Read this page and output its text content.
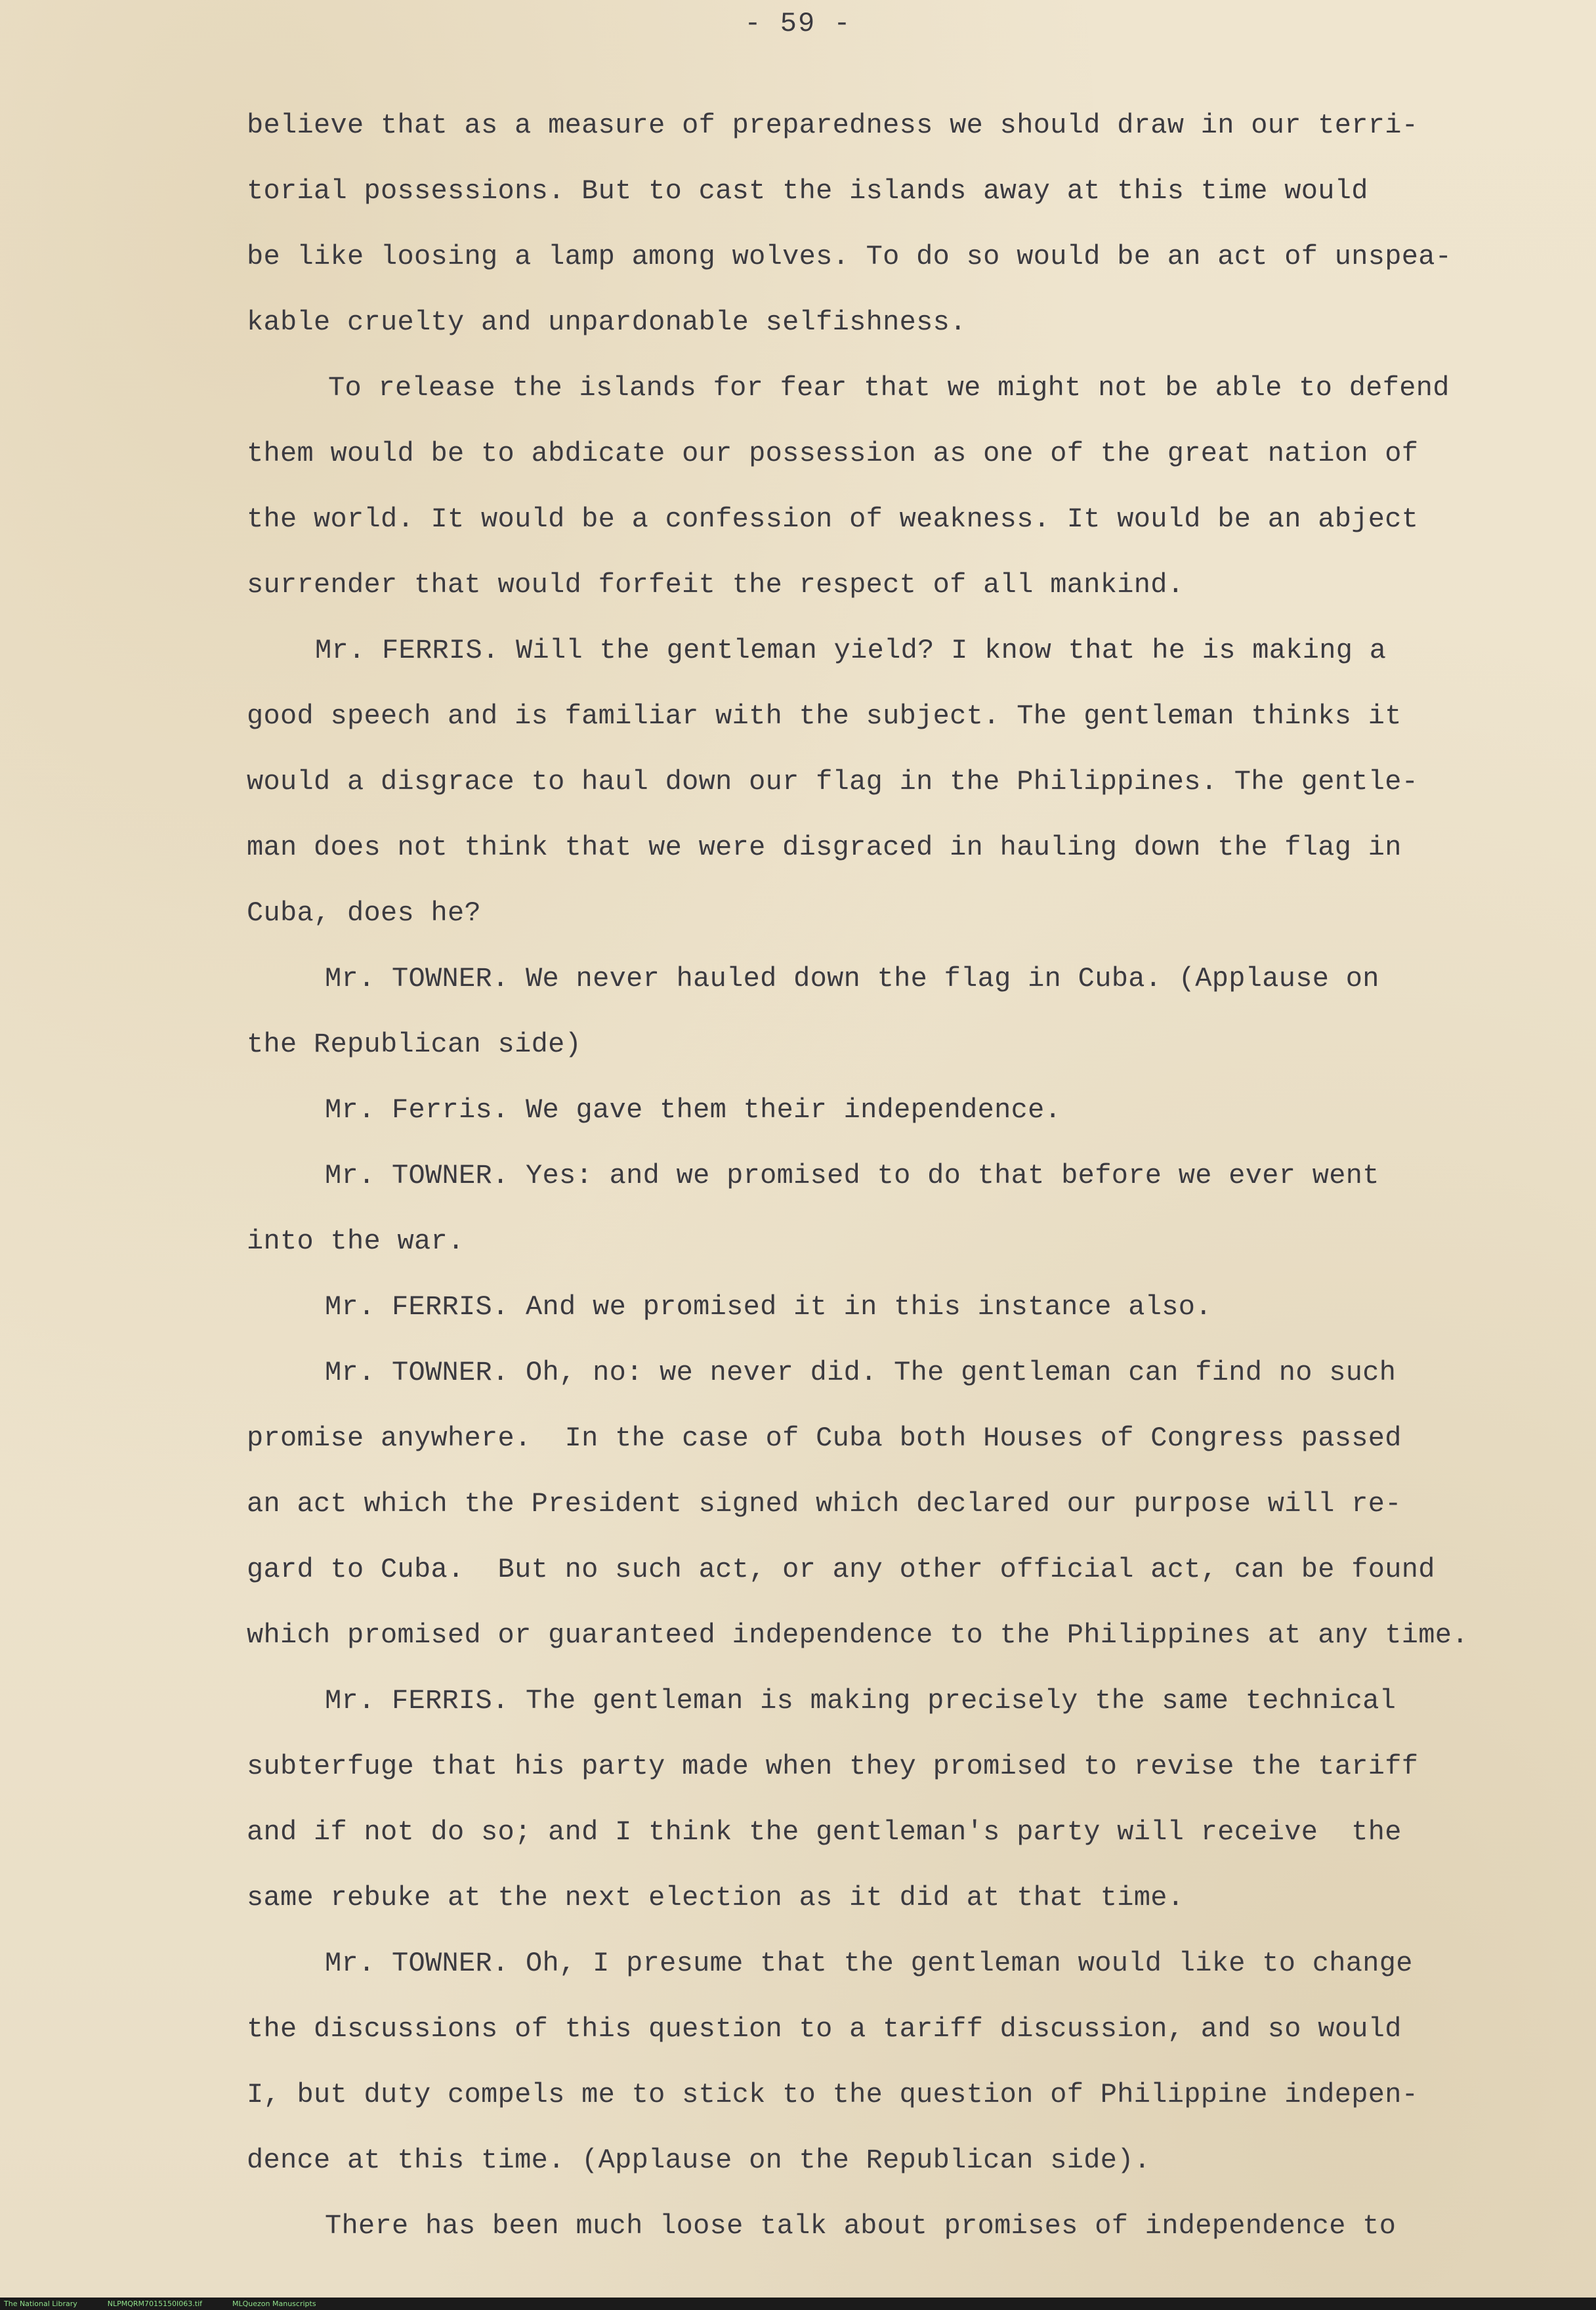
- 59 -
believe that as a measure of preparedness we should draw in our terri-
torial possessions. But to cast the islands away at this time would
be like loosing a lamp among wolves. To do so would be an act of unspea-
kable cruelty and unpardonable selfishness.
To release the islands for fear that we might not be able to defend
them would be to abdicate our possession as one of the great nation of
the world. It would be a confession of weakness. It would be an abject
surrender that would forfeit the respect of all mankind.
Mr. FERRIS. Will the gentleman yield? I know that he is making a
good speech and is familiar with the subject. The gentleman thinks it
would a disgrace to haul down our flag in the Philippines. The gentle-
man does not think that we were disgraced in hauling down the flag in
Cuba, does he?
Mr. TOWNER. We never hauled down the flag in Cuba. (Applause on
the Republican side)
Mr. Ferris. We gave them their independence.
Mr. TOWNER. Yes: and we promised to do that before we ever went
into the war.
Mr. FERRIS. And we promised it in this instance also.
Mr. TOWNER. Oh, no: we never did. The gentleman can find no such
promise anywhere.  In the case of Cuba both Houses of Congress passed
an act which the President signed which declared our purpose will re-
gard to Cuba.  But no such act, or any other official act, can be found
which promised or guaranteed independence to the Philippines at any time.
Mr. FERRIS. The gentleman is making precisely the same technical
subterfuge that his party made when they promised to revise the tariff
and if not do so; and I think the gentleman's party will receive  the
same rebuke at the next election as it did at that time.
Mr. TOWNER. Oh, I presume that the gentleman would like to change
the discussions of this question to a tariff discussion, and so would
I, but duty compels me to stick to the question of Philippine indepen-
dence at this time. (Applause on the Republican side).
There has been much loose talk about promises of independence to
The National Library	NLPMQRM7015150I063.tif	MLQuezon Manuscripts
